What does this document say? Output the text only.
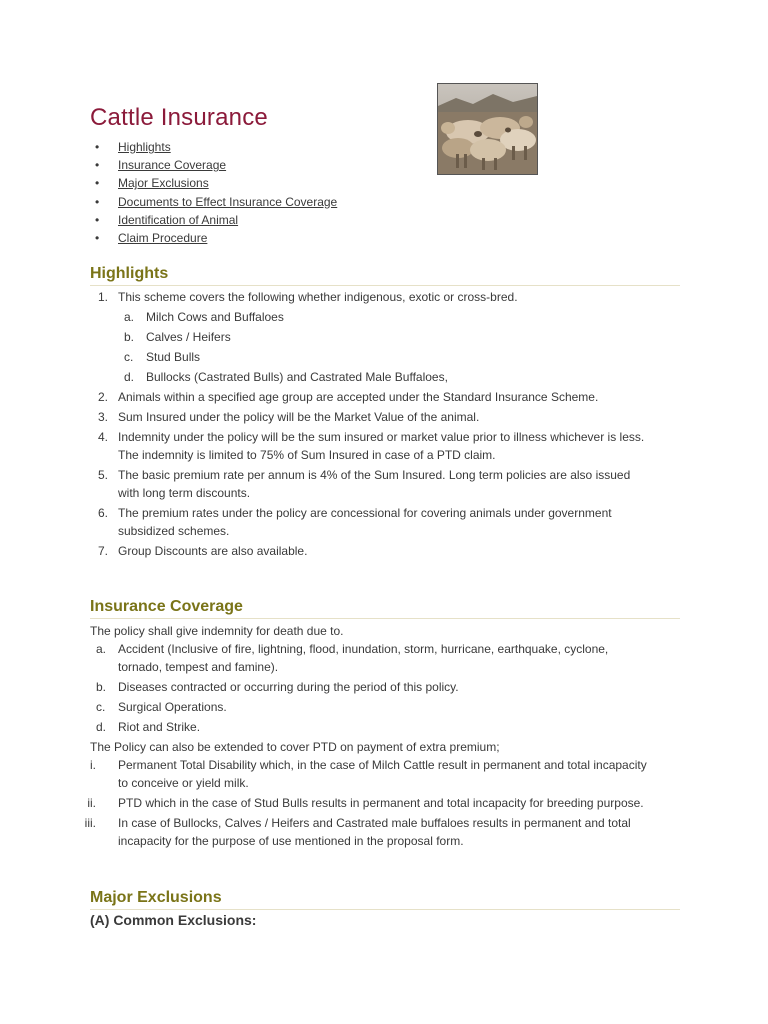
Cattle Insurance
• Highlights
• Insurance Coverage
• Major Exclusions
• Documents to Effect Insurance Coverage
• Identification of Animal
• Claim Procedure
Highlights
1. This scheme covers the following whether indigenous, exotic or cross-bred.
a. Milch Cows and Buffaloes
b. Calves / Heifers
c. Stud Bulls
d. Bullocks (Castrated Bulls) and Castrated Male Buffaloes,
2. Animals within a specified age group are accepted under the Standard Insurance Scheme.
3. Sum Insured under the policy will be the Market Value of the animal.
4. Indemnity under the policy will be the sum insured or market value prior to illness whichever is less.
The indemnity is limited to 75% of Sum Insured in case of a PTD claim.
5. The basic premium rate per annum is 4% of the Sum Insured. Long term policies are also issued
with long term discounts.
6. The premium rates under the policy are concessional for covering animals under government
subsidized schemes.
7. Group Discounts are also available.
Insurance Coverage
The policy shall give indemnity for death due to.
a. Accident (Inclusive of fire, lightning, flood, inundation, storm, hurricane, earthquake, cyclone,
tornado, tempest and famine).
b. Diseases contracted or occurring during the period of this policy.
c. Surgical Operations.
d. Riot and Strike.
The Policy can also be extended to cover PTD on payment of extra premium;
i. Permanent Total Disability which, in the case of Milch Cattle result in permanent and total incapacity
to conceive or yield milk.
ii. PTD which in the case of Stud Bulls results in permanent and total incapacity for breeding purpose.
iii. In case of Bullocks, Calves / Heifers and Castrated male buffaloes results in permanent and total
incapacity for the purpose of use mentioned in the proposal form.
Major Exclusions
(A) Common Exclusions:
